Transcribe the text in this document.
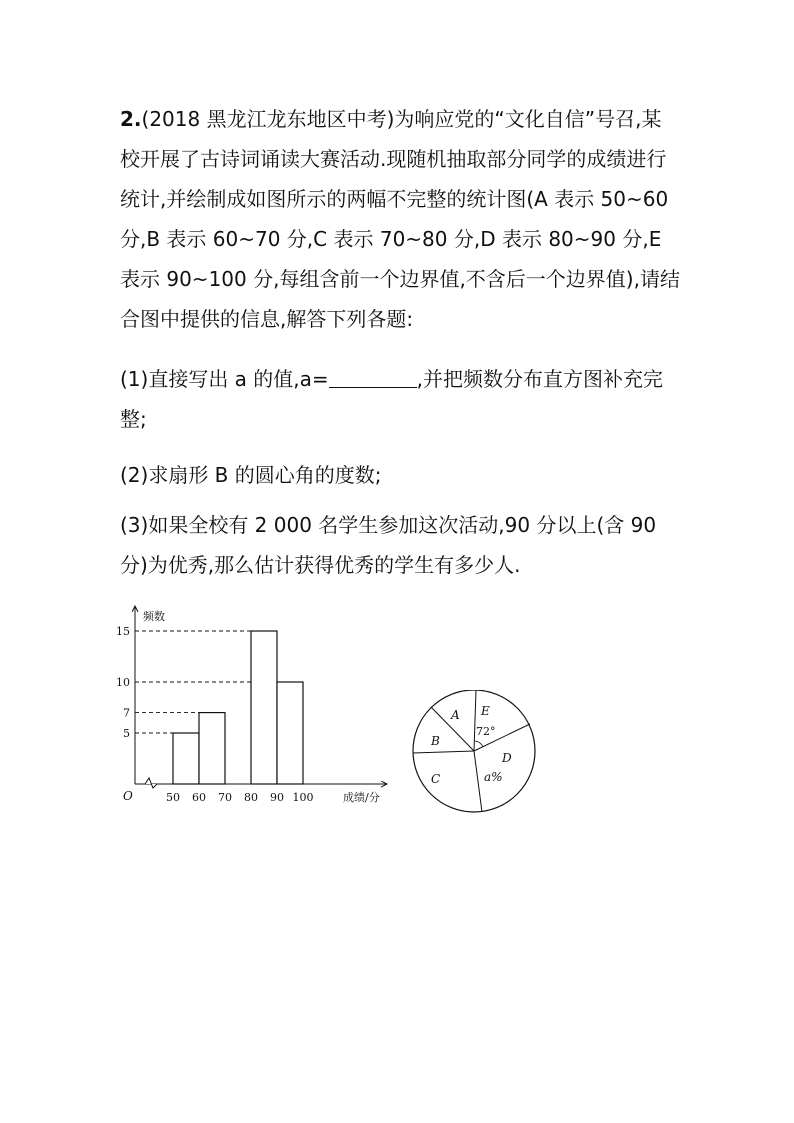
2.(2018 黑龙江龙东地区中考)为响应党的“文化自信”号召,某校开展了古诗词诵读大赛活动.现随机抽取部分同学的成绩进行统计,并绘制成如图所示的两幅不完整的统计图(A 表示 50~60 分,B 表示 60~70 分,C 表示 70~80 分,D 表示 80~90 分,E 表示 90~100 分,每组含前一个边界值,不含后一个边界值),请结合图中提供的信息,解答下列各题:

(1)直接写出 a 的值,a=	,并把频数分布直方图补充完整;

(2)求扇形 B 的圆心角的度数;

(3)如果全校有 2 000 名学生参加这次活动,90 分以上(含 90 分)为优秀,那么估计获得优秀的学生有多少人.

频数
成绩/分
O
5
7
10
15
50 60 70 80 90 100
E
72°
D
a%
C
B
A
